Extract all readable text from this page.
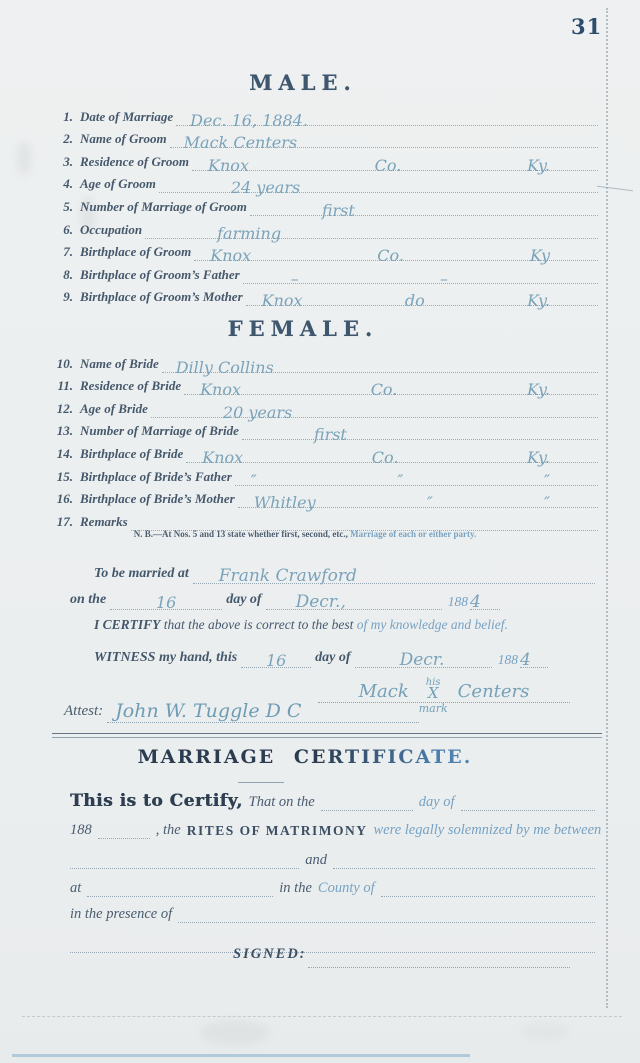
31
MALE.
1. Date of Marriage Dec. 16, 1884.
2. Name of Groom Mack Centers
3. Residence of Groom Knox	Co.	Ky.
4. Age of Groom	24 years
5. Number of Marriage of Groom	first
6. Occupation	farming
7. Birthplace of Groom Knox	Co.	Ky
8. Birthplace of Groom’s Father	–	–
9. Birthplace of Groom’s Mother Knox	do	Ky.
FEMALE.
10. Name of Bride Dilly Collins
11. Residence of Bride Knox	Co.	Ky.
12. Age of Bride	20 years
13. Number of Marriage of Bride	first
14. Birthplace of Bride Knox	Co.	Ky.
15. Birthplace of Bride’s Father ″	″	″
16. Birthplace of Bride’s Mother Whitley	″	″
17. Remarks
N. B.—At Nos. 5 and 13 state whether first, second, etc., Marriage of each or either party.
To be married at	Frank Crawford
on the	16	day of	Decr.,	188 4
I CERTIFY
that the above is correct to the best
of my knowledge and belief.
WITNESS
my hand, this	16	day of	Decr.	188 4
Mack his
X
mark
Centers
Attest: John W. Tuggle D C
MARRIAGE CERTIFICATE.
This is to Certify, That on the	day of
188	, the RITES OF MATRIMONY were legally solemnized by me between
and
at	in the County of
in the presence of
SIGNED:
